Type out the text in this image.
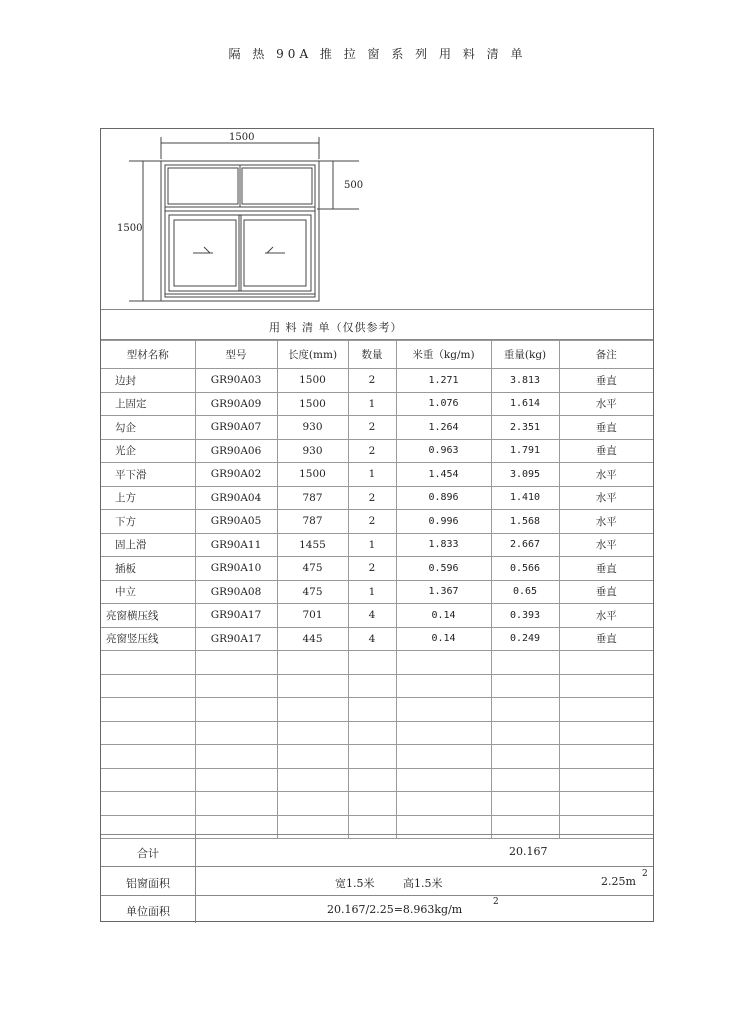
隔 热 90A 推 拉 窗 系 列 用 料 清 单
1500
1500
500
用 料 清 单（仅供参考）
型材名称	型号	长度(mm)	数量	米重（kg/m)	重量(kg)	备注
边封	GR90A03	1500	2	1.271	3.813	垂直
上固定	GR90A09	1500	1	1.076	1.614	水平
勾企	GR90A07	930	2	1.264	2.351	垂直
光企	GR90A06	930	2	0.963	1.791	垂直
平下滑	GR90A02	1500	1	1.454	3.095	水平
上方	GR90A04	787	2	0.896	1.410	水平
下方	GR90A05	787	2	0.996	1.568	水平
固上滑	GR90A11	1455	1	1.833	2.667	水平
插板	GR90A10	475	2	0.596	0.566	垂直
中立	GR90A08	475	1	1.367	0.65	垂直
亮窗横压线	GR90A17	701	4	0.14	0.393	水平
亮窗竖压线	GR90A17	445	4	0.14	0.249	垂直

合计	20.167
铝窗面积	宽1.5米	高1.5米	2.25m
2
单位面积	20.167/2.25=8.963kg/m
2
